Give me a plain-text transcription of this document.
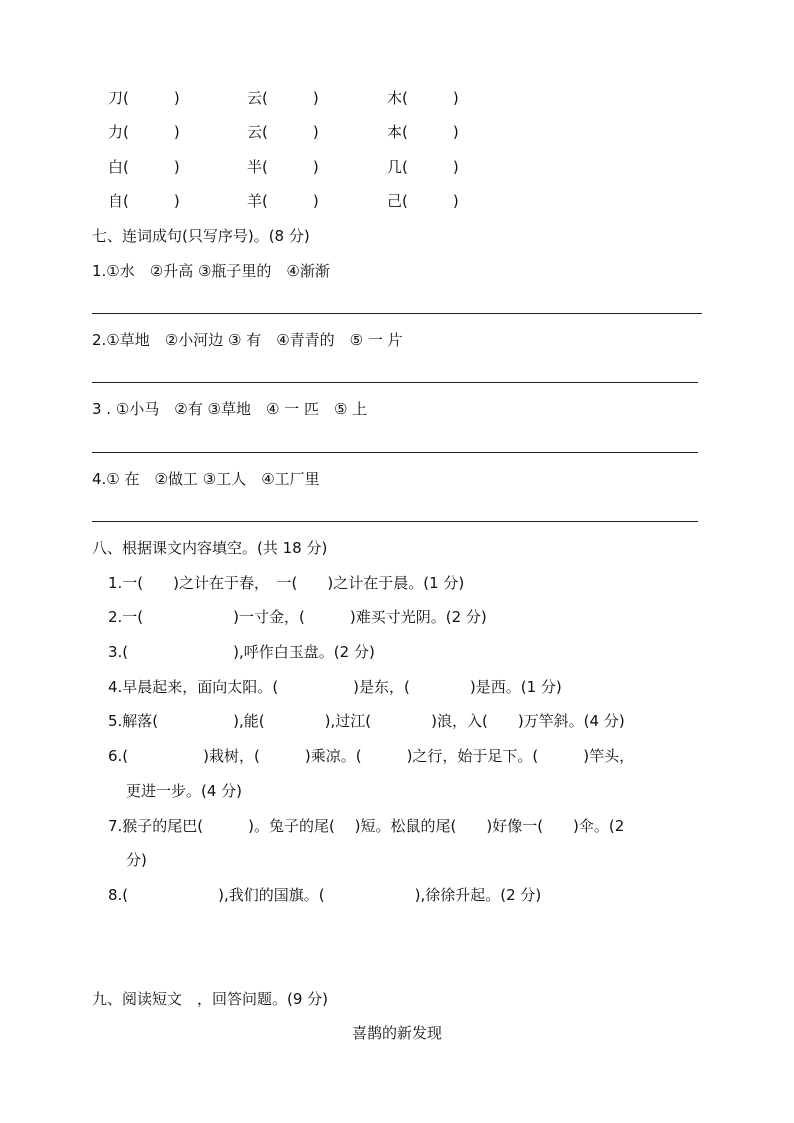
刀(　　　)	云(　　　)	木(　　　)
力(　　　)	云(　　　)	本(　　　)
白(　　　)	半(　　　)	几(　　　)
自(　　　)	羊(　　　)	己(　　　)
七、连词成句(只写序号)。(8 分)
1.①水　②升高 ③瓶子里的　④渐渐
2.①草地　②小河边 ③ 有　④青青的　⑤ 一 片
3 . ①小马　②有 ③草地　④ 一 匹　⑤ 上
4.① 在　②做工 ③工人　④工厂里
八、根据课文内容填空。(共 18 分)
1.一(　　)之计在于春，　一(　　)之计在于晨。(1 分)
2.一(　　　　　　)一寸金，(　　　)难买寸光阴。(2 分)
3.(　　　　　　　),呼作白玉盘。(2 分)
4.早晨起来，面向太阳。(　　　　　)是东，(　　　　)是西。(1 分)
5.解落(　　　　　),能(　　　　),过江(　　　　)浪，入(　　)万竿斜。(4 分)
6.(　　　　　)栽树，(　　　)乘凉。(　　　)之行，始于足下。(　　　)竿头，
更进一步。(4 分)
7.猴子的尾巴(　　　)。兔子的尾(　 )短。松鼠的尾(　　)好像一(　　)伞。(2
分)
8.(　　　　　　),我们的国旗。(　　　　　　),徐徐升起。(2 分)
九、阅读短文　，回答问题。(9 分)
喜鹊的新发现
